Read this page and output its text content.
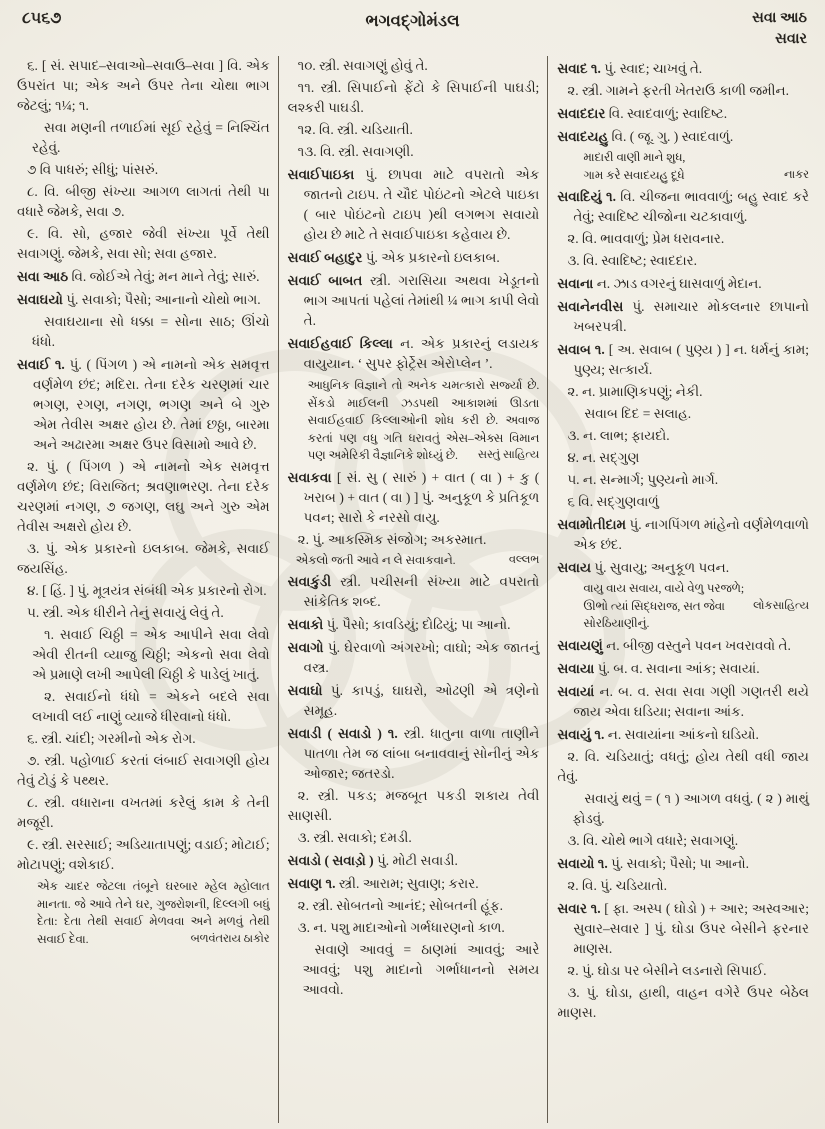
૮૫૬૭	ભગવદ્ગોમંડલ	સવા આઠ
સવાર

૬. [ સં. સપાદ–સવાઓ–સવાઉ–સવા ] વિ. એક ઉપરાંત પા; એક અને ઉપર તેના ચોથા ભાગ જેટલું; ૧¼; ૧.

સવા મણની તળાઈમાં સૂઈ રહેવું = નિશ્ચિંત રહેવું.

૭ વિ પાધરું; સીધું; પાંસરું.

૮. વિ. બીજી સંખ્યા આગળ લાગતાં તેથી પા વધારે જેમકે, સવા ૭.

૯. વિ. સો, હજાર જેવી સંખ્યા પૂર્વે તેથી સવાગણું. જેમકે, સવા સો; સવા હજાર.

સવા આઠ વિ. જોઈએ તેવું; મન માને તેવું; સારું.

સવાઘયો પું. સવાકો; પૈસો; આનાનો ચોથો ભાગ.

સવાઘયાના સો ધક્કા = સોના સાઠ; ઊંચો ધંધો.

સવાઈ ૧. પું. ( પિંગળ ) એ નામનો એક સમવૃત્ત વર્ણમેળ છંદ; મદિરા. તેના દરેક ચરણમાં ચાર ભગણ, રગણ, નગણ, ભગણ અને બે ગુરુ એમ તેવીસ અક્ષર હોય છે. તેમાં છઠ્ઠા, બારમા અને અઢારમા અક્ષર ઉપર વિસામો આવે છે.

૨. પું. ( પિંગળ ) એ નામનો એક સમવૃત્ત વર્ણમેળ છંદ; વિરાજિત; શ્રવણાભરણ. તેના દરેક ચરણમાં નગણ, ૭ જગણ, લઘુ અને ગુરુ એમ તેવીસ અક્ષરો હોય છે.

૩. પું. એક પ્રકારનો ઇલકાબ. જેમકે, સવાઈ જયસિંહ.

૪. [ હિં. ] પું. મૂત્રયંત્ર સંબંધી એક પ્રકારનો રોગ.

૫. સ્ત્રી. એક ધીરીને તેનું સવાયું લેવું તે.

૧. સવાઈ ચિઠ્ઠી = એક આપીને સવા લેવો એવી રીતની વ્યાજુ ચિઠ્ઠી; એકનો સવા લેવો એ પ્રમાણે લખી આપેલી ચિઠ્ઠી કે પાડેલું ખાતું.

૨. સવાઈનો ધંધો = એકને બદલે સવા લખાવી લઈ નાણું વ્યાજે ધીરવાનો ધંધો.

૬. સ્ત્રી. ચાંદી; ગરમીનો એક રોગ.

૭. સ્ત્રી. પહોળાઈ કરતાં લંબાઈ સવાગણી હોય તેવું ટોડું કે પથ્થર.

૮. સ્ત્રી. વધારાના વખતમાં કરેલું કામ કે તેની મજૂરી.

૯. સ્ત્રી. સરસાઈ; અડિયાતાપણું; વડાઈ; મોટાઈ; મોટાપણું; વશેકાઈ.

એક ચાદર જેટલા તંબૂને ઘરબાર મ્હેલ મ્હોલાત માનતા. જે આવે તેને ઘર, ગુજરોશની, દિલ્લગી બધું દેતા: દેતા તેથી સવાઈ મેળવવા અને મળવું તેથી સવાઈ દેવા.	બળવંતરાય ઠાકોર

૧૦. સ્ત્રી. સવાગણું હોવું તે.

૧૧. સ્ત્રી. સિપાઈનો ફેંટો કે સિપાઈની પાઘડી; લશ્કરી પાઘડી.

૧૨. વિ. સ્ત્રી. ચડિયાતી.

૧૩. વિ. સ્ત્રી. સવાગણી.

સવાઈપાઇકા પું. છાપવા માટે વપરાતો એક જાતનો ટાઇપ. તે ચૌદ પોઇંટનો એટલે પાઇકા ( બાર પોઇંટનો ટાઇપ )થી લગભગ સવાયો હોય છે માટે તે સવાઈપાઇકા કહેવાય છે.

સવાઈ બહાદુર પું. એક પ્રકારનો ઇલકાબ.

સવાઈ બાબત સ્ત્રી. ગરાસિયા અથવા ખેડૂતનો ભાગ આપતાં પહેલાં તેમાંથી ¼ ભાગ કાપી લેવો તે.

સવાઈહવાઈ કિલ્લા ન. એક પ્રકારનું લડાયક વાયુયાન. ‘ સુપર ફોર્ટ્રેસ એરોપ્લેન ’.

આધુનિક વિજ્ઞાને તો અનેક ચમત્કારો સર્જ્યા છે. સેંકડો માઈલની ઝડપથી આકાશમાં ઊડતા સવાઈહવાઈ કિલ્લાઓની શોધ કરી છે. અવાજ કરતાં પણ વધુ ગતિ ધરાવતું એસ–એક્સ વિમાન પણ અમેરિકી વૈજ્ઞાનિકે શોધ્યું છે.	સસ્તું સાહિત્ય

સવાકવા [ સં. સુ ( સારું ) + વાત ( વા ) + કુ ( ખરાબ ) + વાત ( વા ) ] પું. અનુકૂળ કે પ્રતિકૂળ પવન; સારો કે નરસો વાયુ.

૨. પું. આકસ્મિક સંજોગ; અકસ્માત.

એકલો જતી આવે ન લે સવાકવાને.	વલ્લભ

સવાકુંડી સ્ત્રી. પચીસની સંખ્યા માટે વપરાતો સાંકેતિક શબ્દ.

સવાકો પું. પૈસો; કાવડિયું; દોઢિયું; પા આનો.

સવાગો પું. ઘેરવાળો અંગરખો; વાઘો; એક જાતનું વસ્ત્ર.

સવાઘો પું. કાપડું, ઘાઘરો, ઓઢણી એ ત્રણેનો સમૂહ.

સવાડી ( સવાડો ) ૧. સ્ત્રી. ધાતુના વાળા તાણીને પાતળા તેમ જ લાંબા બનાવવાનું સોનીનું એક ઓજાર; જતરડો.

૨. સ્ત્રી. પકડ; મજબૂત પકડી શકાય તેવી સાણસી.

૩. સ્ત્રી. સવાકો; દમડી.

સવાડો ( સવાડ઼ો ) પું. મોટી સવાડી.

સવાણ ૧. સ્ત્રી. આરામ; સુવાણ; કરાર.

૨. સ્ત્રી. સોબતનો આનંદ; સોબતની હૂંફ.

૩. ન. પશુ માદાઓનો ગર્ભધારણનો કાળ.

સવાણે આવવું = ઠાણમાં આવવું; આરે આવવું; પશુ માદાનો ગર્ભાધાનનો સમય આવવો.

સવાદ ૧. પું. સ્વાદ; ચાખવું તે.

૨. સ્ત્રી. ગામને ફરતી ખેતરાઉ કાળી જમીન.

સવાદદાર વિ. સ્વાદવાળું; સ્વાદિષ્ટ.

સવાદયહુ વિ. ( જૂ. ગુ. ) સ્વાદવાળું.

માદારી વાણી માને શુધ,
નાકર
ગામ કરે સવાદયહુ દૂધે

સવાદિયું ૧. વિ. ચીજના ભાવવાળું; બહુ સ્વાદ કરે તેવું; સ્વાદિષ્ટ ચીજોના ચટકાવાળું.

૨. વિ. ભાવવાળું; પ્રેમ ધરાવનાર.

૩. વિ. સ્વાદિષ્ટ; સ્વાદદાર.

સવાના ન. ઝાડ વગરનું ઘાસવાળું મેદાન.

સવાનેનવીસ પું. સમાચાર મોકલનાર છાપાનો ખબરપત્રી.

સવાબ ૧. [ અ. સવાબ ( પુણ્ય ) ] ન. ધર્મનું કામ; પુણ્ય; સત્કાર્ય.

૨. ન. પ્રામાણિકપણું; નેકી.

સવાબ દિદ = સલાહ.

૩. ન. લાભ; ફાયદો.

૪. ન. સદ્ગુણ

૫. ન. સન્માર્ગ; પુણ્યનો માર્ગ.

૬ વિ. સદ્ગુણવાળું

સવામોતીદામ પું. નાગપિંગળ માંહેનો વર્ણમેળવાળો એક છંદ.

સવાય પું. સુવાયુ; અનુકૂળ પવન.

વાયુ વાય સવાય, વાયે વેળુ પરજળે;
લોકસાહિત્ય
ઊભો ત્યાં સિદ્ધરાજ, સત જેવા સોરઠિયાણીનું.

સવાયણું ન. બીજી વસ્તુને પવન ખવરાવવો તે.

સવાયા પું. બ. વ. સવાના આંક; સવાયાં.

સવાયાં ન. બ. વ. સવા સવા ગણી ગણતરી થયે જાય એવા ઘડિયા; સવાના આંક.

સવાયું ૧. ન. સવાયાંના આંકનો ઘડિયો.

૨. વિ. ચડિયાતું; વધતું; હોય તેથી વધી જાય તેવું.

સવાયું થવું = ( ૧ ) આગળ વધવું. ( ૨ ) માથું ફોડવું.

૩. વિ. ચોથે ભાગે વધારે; સવાગણું.

સવાયો ૧. પું. સવાકો; પૈસો; પા આનો.

૨. વિ. પું. ચડિયાતો.

સવાર ૧. [ ફા. અસ્પ ( ઘોડો ) + આર; અસ્વઆર; સુવાર–સવાર ] પું. ઘોડા ઉપર બેસીને ફરનાર માણસ.

૨. પું. ઘોડા પર બેસીને લડનારો સિપાઈ.

૩. પું. ઘોડા, હાથી, વાહન વગેરે ઉપર બેઠેલ માણસ.
